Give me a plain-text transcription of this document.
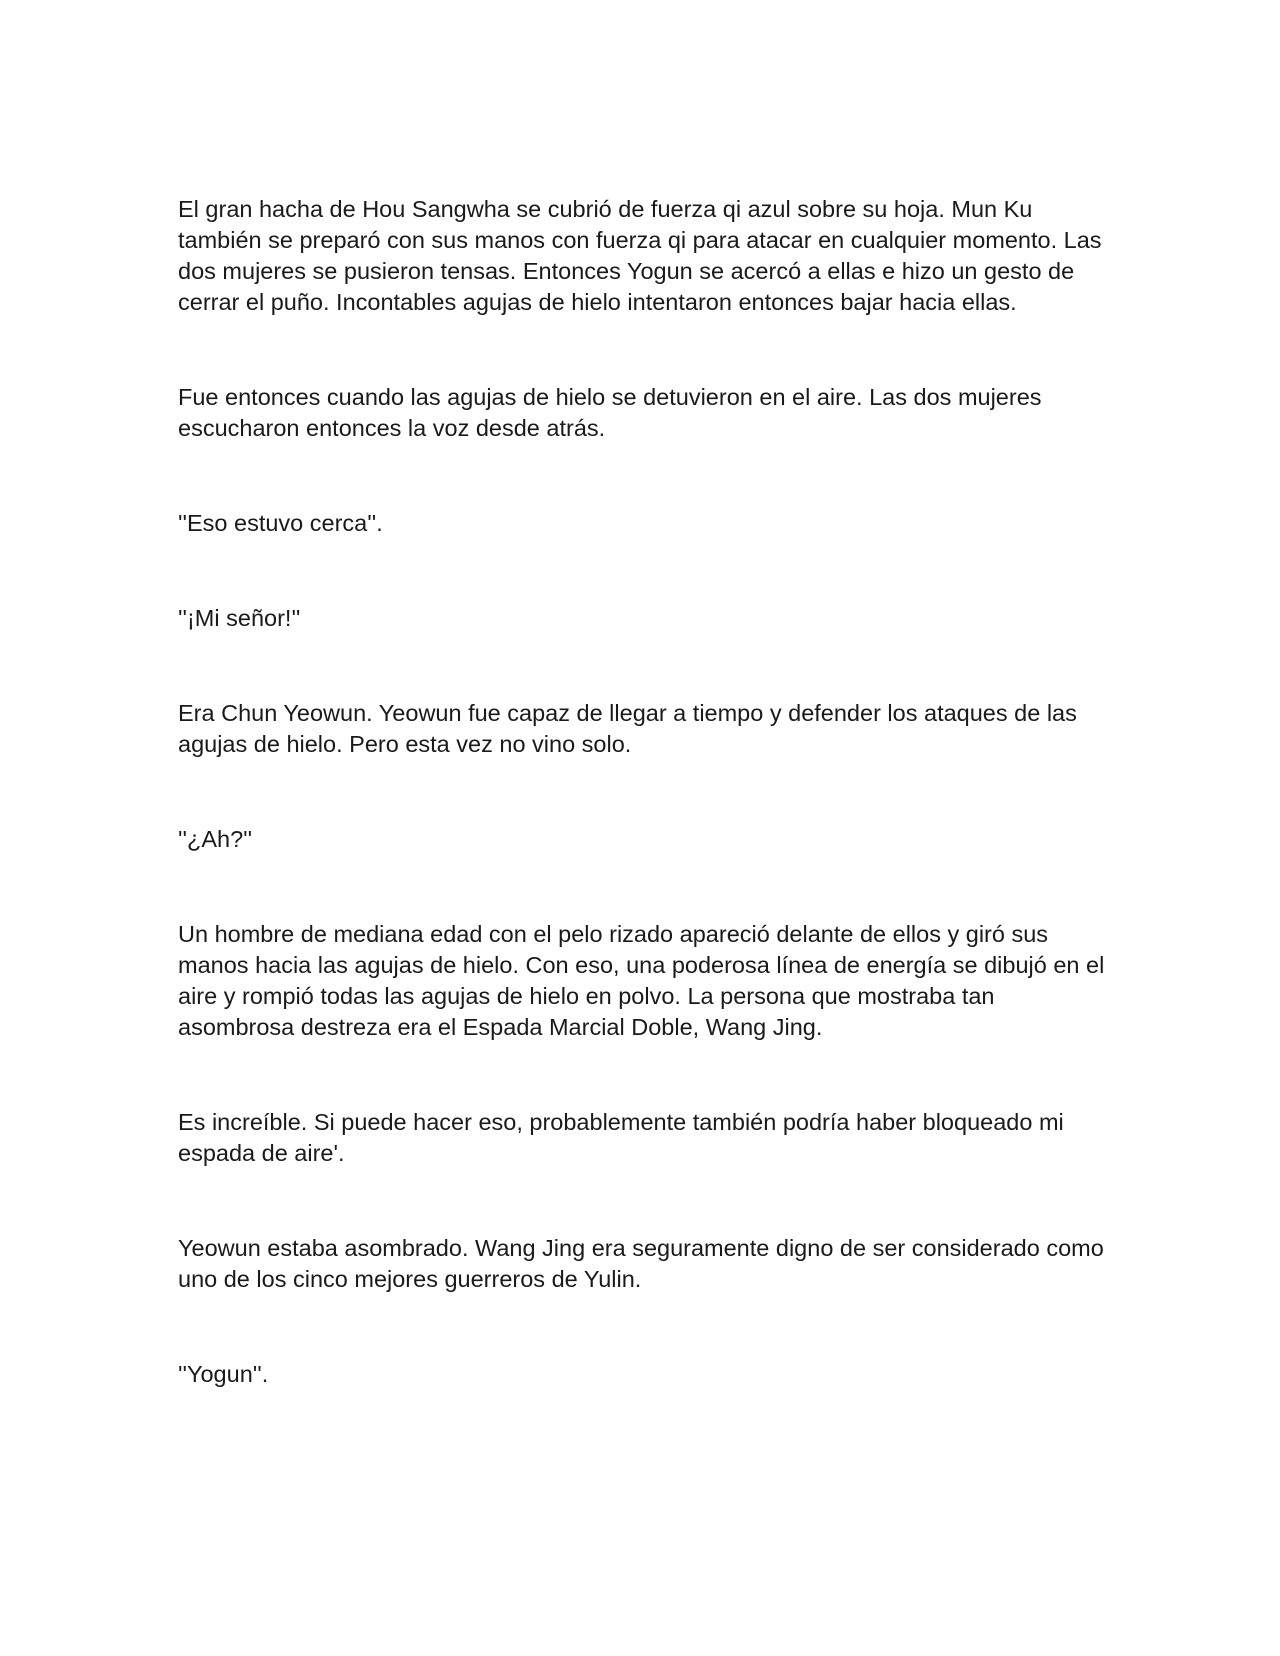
El gran hacha de Hou Sangwha se cubrió de fuerza qi azul sobre su hoja. Mun Ku también se preparó con sus manos con fuerza qi para atacar en cualquier momento. Las dos mujeres se pusieron tensas. Entonces Yogun se acercó a ellas e hizo un gesto de cerrar el puño. Incontables agujas de hielo intentaron entonces bajar hacia ellas.

Fue entonces cuando las agujas de hielo se detuvieron en el aire. Las dos mujeres escucharon entonces la voz desde atrás.

''Eso estuvo cerca''.

''¡Mi señor!''

Era Chun Yeowun. Yeowun fue capaz de llegar a tiempo y defender los ataques de las agujas de hielo. Pero esta vez no vino solo.

''¿Ah?''

Un hombre de mediana edad con el pelo rizado apareció delante de ellos y giró sus manos hacia las agujas de hielo. Con eso, una poderosa línea de energía se dibujó en el aire y rompió todas las agujas de hielo en polvo. La persona que mostraba tan asombrosa destreza era el Espada Marcial Doble, Wang Jing.

Es increíble. Si puede hacer eso, probablemente también podría haber bloqueado mi espada de aire'.

Yeowun estaba asombrado. Wang Jing era seguramente digno de ser considerado como uno de los cinco mejores guerreros de Yulin.

''Yogun''.
